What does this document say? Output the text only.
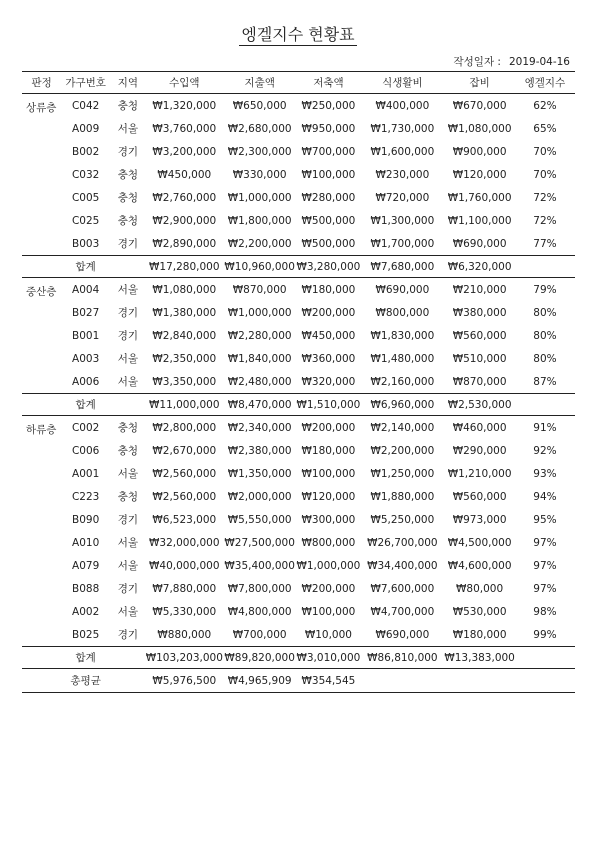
엥겔지수 현황표
작성일자 : 2019-04-16
판정	가구번호	지역	수입액	지출액	저축액	식생활비	잡비	엥겔지수
상류층	C042	충청	₩1,320,000	₩650,000	₩250,000	₩400,000	₩670,000	62%
	A009	서울	₩3,760,000	₩2,680,000	₩950,000	₩1,730,000	₩1,080,000	65%
	B002	경기	₩3,200,000	₩2,300,000	₩700,000	₩1,600,000	₩900,000	70%
	C032	충청	₩450,000	₩330,000	₩100,000	₩230,000	₩120,000	70%
	C005	충청	₩2,760,000	₩1,000,000	₩280,000	₩720,000	₩1,760,000	72%
	C025	충청	₩2,900,000	₩1,800,000	₩500,000	₩1,300,000	₩1,100,000	72%
	B003	경기	₩2,890,000	₩2,200,000	₩500,000	₩1,700,000	₩690,000	77%
	합계		₩17,280,000	₩10,960,000	₩3,280,000	₩7,680,000	₩6,320,000	
중산층	A004	서울	₩1,080,000	₩870,000	₩180,000	₩690,000	₩210,000	79%
	B027	경기	₩1,380,000	₩1,000,000	₩200,000	₩800,000	₩380,000	80%
	B001	경기	₩2,840,000	₩2,280,000	₩450,000	₩1,830,000	₩560,000	80%
	A003	서울	₩2,350,000	₩1,840,000	₩360,000	₩1,480,000	₩510,000	80%
	A006	서울	₩3,350,000	₩2,480,000	₩320,000	₩2,160,000	₩870,000	87%
	합계		₩11,000,000	₩8,470,000	₩1,510,000	₩6,960,000	₩2,530,000	
하류층	C002	충청	₩2,800,000	₩2,340,000	₩200,000	₩2,140,000	₩460,000	91%
	C006	충청	₩2,670,000	₩2,380,000	₩180,000	₩2,200,000	₩290,000	92%
	A001	서울	₩2,560,000	₩1,350,000	₩100,000	₩1,250,000	₩1,210,000	93%
	C223	충청	₩2,560,000	₩2,000,000	₩120,000	₩1,880,000	₩560,000	94%
	B090	경기	₩6,523,000	₩5,550,000	₩300,000	₩5,250,000	₩973,000	95%
	A010	서울	₩32,000,000	₩27,500,000	₩800,000	₩26,700,000	₩4,500,000	97%
	A079	서울	₩40,000,000	₩35,400,000	₩1,000,000	₩34,400,000	₩4,600,000	97%
	B088	경기	₩7,880,000	₩7,800,000	₩200,000	₩7,600,000	₩80,000	97%
	A002	서울	₩5,330,000	₩4,800,000	₩100,000	₩4,700,000	₩530,000	98%
	B025	경기	₩880,000	₩700,000	₩10,000	₩690,000	₩180,000	99%
	합계		₩103,203,000	₩89,820,000	₩3,010,000	₩86,810,000	₩13,383,000	
	총평균		₩5,976,500	₩4,965,909	₩354,545			
